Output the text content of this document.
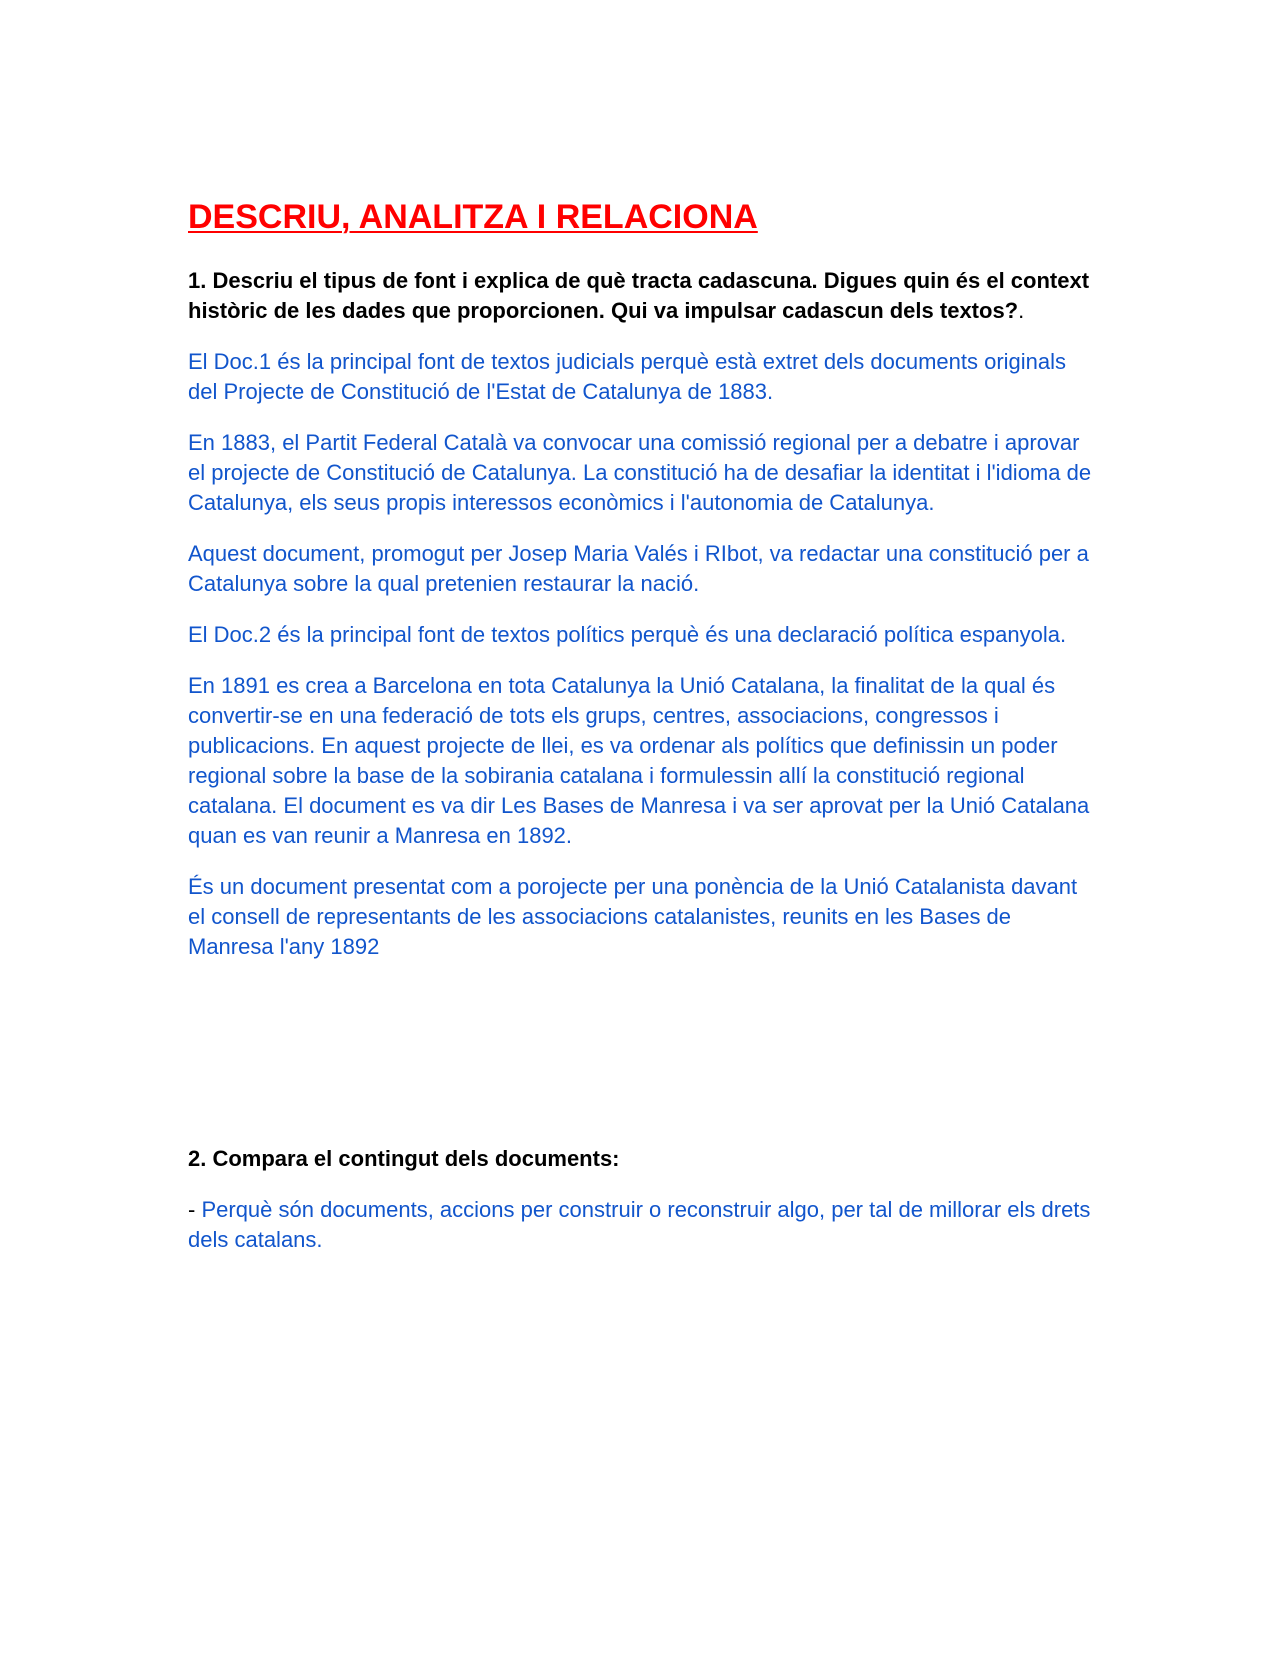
DESCRIU, ANALITZA I RELACIONA

1. Descriu el tipus de font i explica de què tracta cadascuna. Digues quin és el context històric de les dades que proporcionen. Qui va impulsar cadascun dels textos?.

El Doc.1 és la principal font de textos judicials perquè està extret dels documents originals del Projecte de Constitució de l'Estat de Catalunya de 1883.

En 1883, el Partit Federal Català va convocar una comissió regional per a debatre i aprovar el projecte de Constitució de Catalunya. La constitució ha de desafiar la identitat i l'idioma de Catalunya, els seus propis interessos econòmics i l'autonomia de Catalunya.

Aquest document, promogut per Josep Maria Valés i RIbot, va redactar una constitució per a Catalunya sobre la qual pretenien restaurar la nació.

El Doc.2 és la principal font de textos polítics perquè és una declaració política espanyola.

En 1891 es crea a Barcelona en tota Catalunya la Unió Catalana, la finalitat de la qual és convertir-se en una federació de tots els grups, centres, associacions, congressos i publicacions. En aquest projecte de llei, es va ordenar als polítics que definissin un poder regional sobre la base de la sobirania catalana i formulessin allí la constitució regional catalana. El document es va dir Les Bases de Manresa i va ser aprovat per la Unió Catalana quan es van reunir a Manresa en 1892.

És un document presentat com a porojecte per una ponència de la Unió Catalanista davant el consell de representants de les associacions catalanistes, reunits en les Bases de Manresa l'any 1892

2. Compara el contingut dels documents:

- Perquè són documents, accions per construir o reconstruir algo, per tal de millorar els drets dels catalans.
